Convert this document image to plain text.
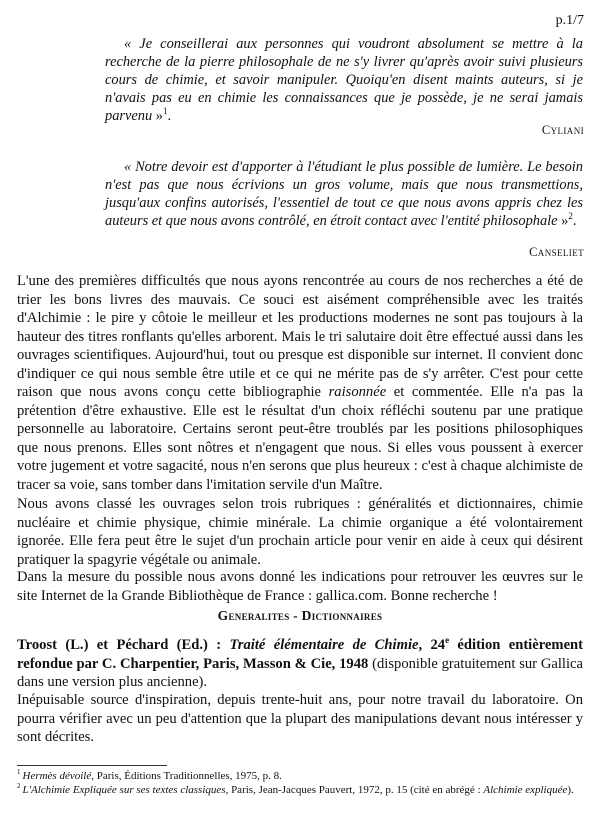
p.1/7
« Je conseillerai aux personnes qui voudront absolument se mettre à la recherche de la pierre philosophale de ne s'y livrer qu'après avoir suivi plusieurs cours de chimie, et savoir manipuler. Quoiqu'en disent maints auteurs, si je n'avais pas eu en chimie les connaissances que je possède, je ne serai jamais parvenu »$^1$.
Cyliani
« Notre devoir est d'apporter à l'étudiant le plus possible de lumière. Le besoin n'est pas que nous écrivions un gros volume, mais que nous transmettions, jusqu'aux confins autorisés, l'essentiel de tout ce que nous avons appris chez les auteurs et que nous avons contrôlé, en étroit contact avec l'entité philosophale »$^2$.
Canseliet
L'une des premières difficultés que nous ayons rencontrée au cours de nos recherches a été de trier les bons livres des mauvais. Ce souci est aisément compréhensible avec les traités d'Alchimie : le pire y côtoie le meilleur et les productions modernes ne sont pas toujours à la hauteur des titres ronflants qu'elles arborent. Mais le tri salutaire doit être effectué aussi dans les ouvrages scientifiques. Aujourd'hui, tout ou presque est disponible sur internet. Il convient donc d'indiquer ce qui nous semble être utile et ce qui ne mérite pas de s'y arrêter. C'est pour cette raison que nous avons conçu cette bibliographie raisonnée et commentée. Elle n'a pas la prétention d'être exhaustive. Elle est le résultat d'un choix réfléchi soutenu par une pratique personnelle au laboratoire. Certains seront peut-être troublés par les positions philosophiques que nous prenons. Elles sont nôtres et n'engagent que nous. Si elles vous poussent à exercer votre jugement et votre sagacité, nous n'en serons que plus heureux : c'est à chaque alchimiste de tracer sa voie, sans tomber dans l'imitation servile d'un Maître.
Nous avons classé les ouvrages selon trois rubriques : généralités et dictionnaires, chimie nucléaire et chimie physique, chimie minérale. La chimie organique a été volontairement ignorée. Elle fera peut être le sujet d'un prochain article pour venir en aide à ceux qui désirent pratiquer la spagyrie végétale ou animale.
Dans la mesure du possible nous avons donné les indications pour retrouver les œuvres sur le site Internet de la Grande Bibliothèque de France : gallica.com. Bonne recherche !
Generalites - Dictionnaires
Troost (L.) et Péchard (Ed.) : Traité élémentaire de Chimie, 24e édition entièrement refondue par C. Charpentier, Paris, Masson & Cie, 1948 (disponible gratuitement sur Gallica dans une version plus ancienne).
Inépuisable source d'inspiration, depuis trente-huit ans, pour notre travail du laboratoire. On pourra vérifier avec un peu d'attention que la plupart des manipulations devant nous intéresser y sont décrites.
$^1$ Hermès dévoilé, Paris, Éditions Traditionnelles, 1975, p. 8.
$^2$ L'Alchimie Expliquée sur ses textes classiques, Paris, Jean-Jacques Pauvert, 1972, p. 15 (cité en abrégé : Alchimie expliquée).
